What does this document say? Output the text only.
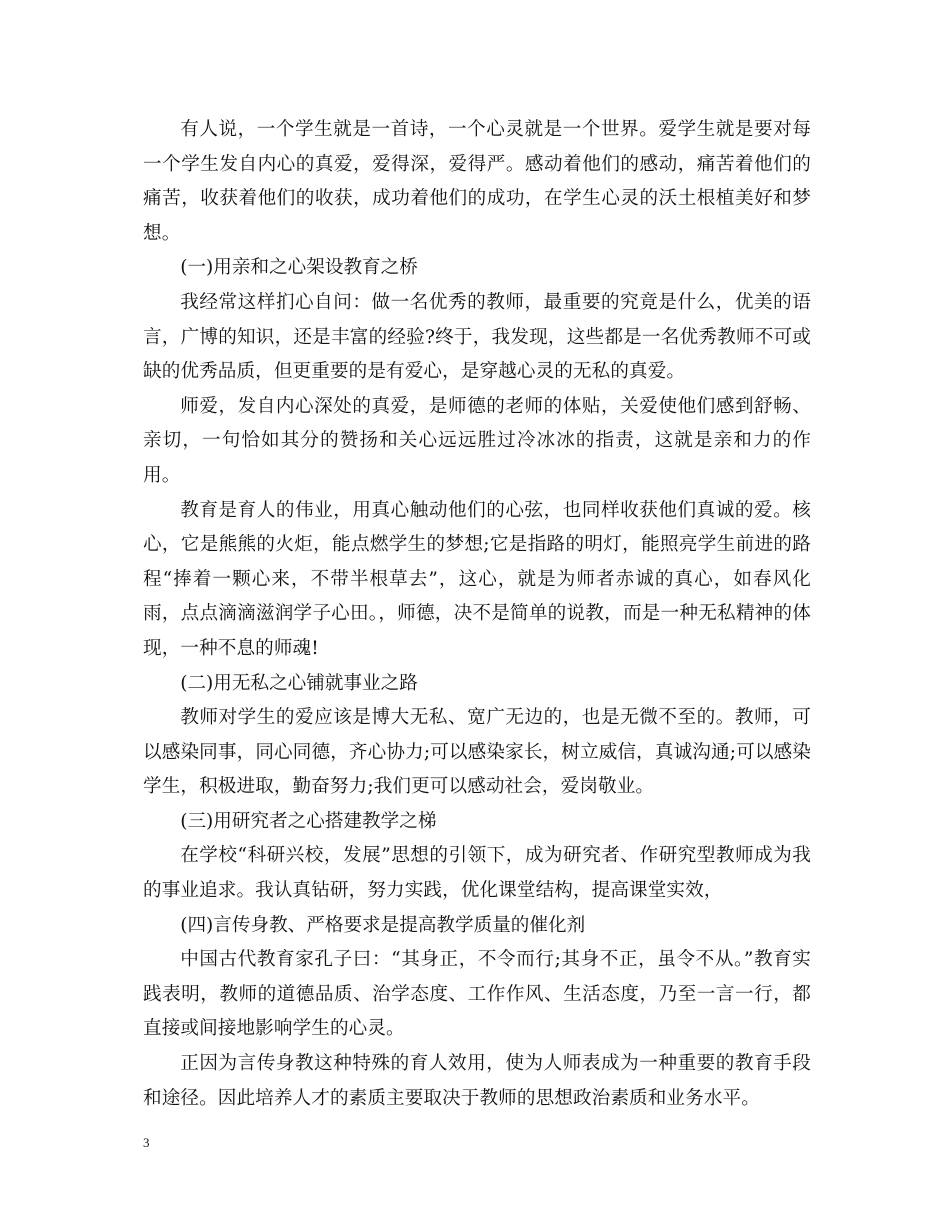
有人说，一个学生就是一首诗，一个心灵就是一个世界。爱学生就是要对每一个学生发自内心的真爱，爱得深，爱得严。感动着他们的感动，痛苦着他们的痛苦，收获着他们的收获，成功着他们的成功，在学生心灵的沃土根植美好和梦想。

(一)用亲和之心架设教育之桥

我经常这样扪心自问：做一名优秀的教师，最重要的究竟是什么，优美的语言，广博的知识，还是丰富的经验?终于，我发现，这些都是一名优秀教师不可或缺的优秀品质，但更重要的是有爱心，是穿越心灵的无私的真爱。

师爱，发自内心深处的真爱，是师德的老师的体贴，关爱使他们感到舒畅、亲切，一句恰如其分的赞扬和关心远远胜过冷冰冰的指责，这就是亲和力的作用。

教育是育人的伟业，用真心触动他们的心弦，也同样收获他们真诚的爱。核心，它是熊熊的火炬，能点燃学生的梦想;它是指路的明灯，能照亮学生前进的路程“捧着一颗心来，不带半根草去”，这心，就是为师者赤诚的真心，如春风化雨，点点滴滴滋润学子心田。，师德，决不是简单的说教，而是一种无私精神的体现，一种不息的师魂!

(二)用无私之心铺就事业之路

教师对学生的爱应该是博大无私、宽广无边的，也是无微不至的。教师，可以感染同事，同心同德，齐心协力;可以感染家长，树立威信，真诚沟通;可以感染学生，积极进取，勤奋努力;我们更可以感动社会，爱岗敬业。

(三)用研究者之心搭建教学之梯

在学校“科研兴校，发展”思想的引领下，成为研究者、作研究型教师成为我的事业追求。我认真钻研，努力实践，优化课堂结构，提高课堂实效，

(四)言传身教、严格要求是提高教学质量的催化剂

中国古代教育家孔子曰：“其身正，不令而行;其身不正，虽令不从。”教育实践表明，教师的道德品质、治学态度、工作作风、生活态度，乃至一言一行，都直接或间接地影响学生的心灵。

正因为言传身教这种特殊的育人效用，使为人师表成为一种重要的教育手段和途径。因此培养人才的素质主要取决于教师的思想政治素质和业务水平。

3
